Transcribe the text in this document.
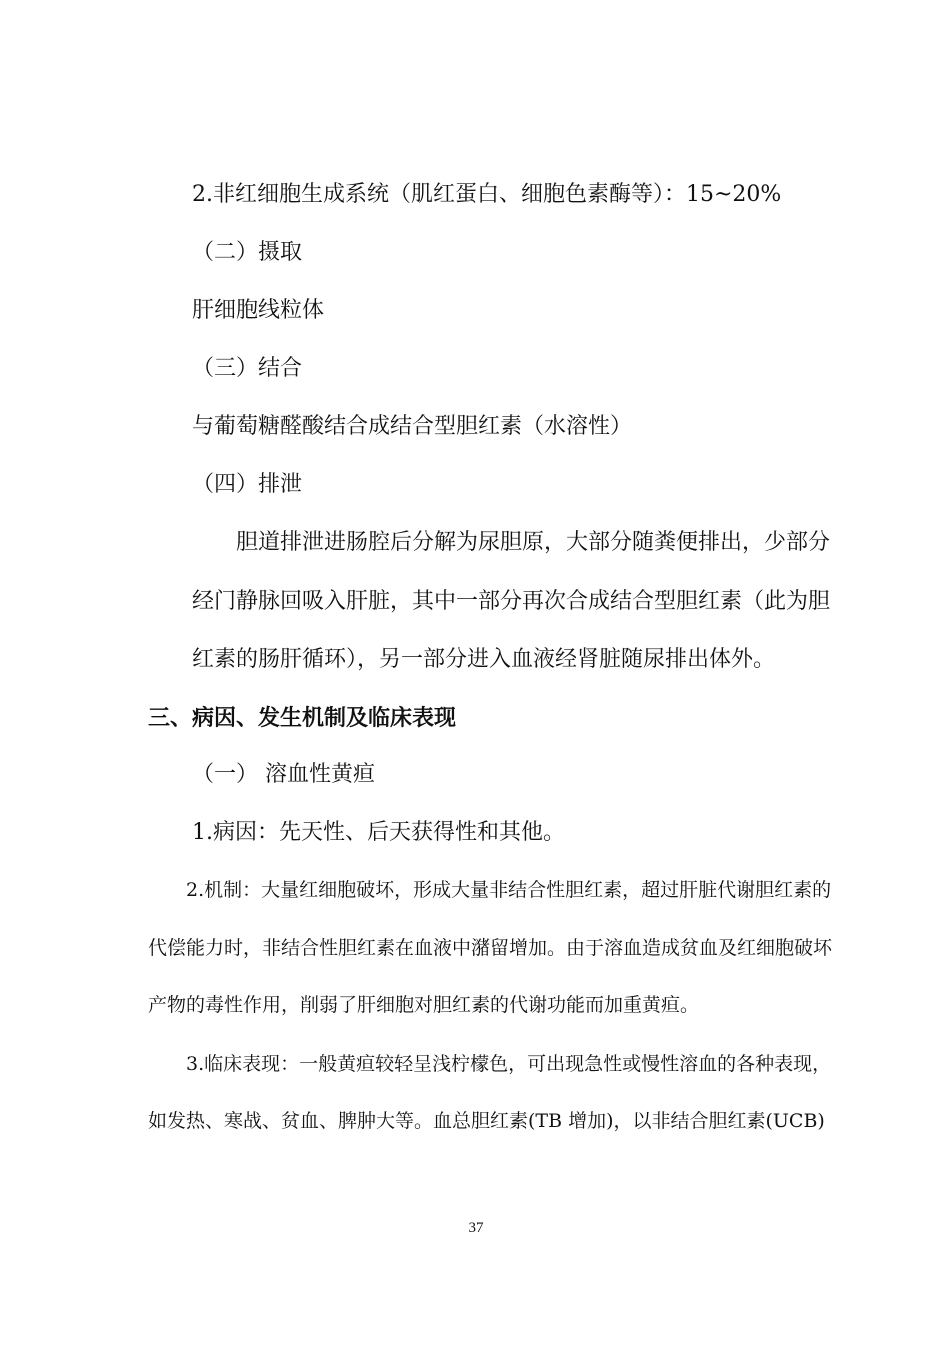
2.非红细胞生成系统（肌红蛋白、细胞色素酶等）：15~20%
（二）摄取
肝细胞线粒体
（三）结合
与葡萄糖醛酸结合成结合型胆红素（水溶性）
（四）排泄
胆道排泄进肠腔后分解为尿胆原，大部分随粪便排出，少部分
经门静脉回吸入肝脏，其中一部分再次合成结合型胆红素（此为胆
红素的肠肝循环），另一部分进入血液经肾脏随尿排出体外。
三、病因、发生机制及临床表现
（一） 溶血性黄疸
1.病因：先天性、后天获得性和其他。
2.机制：大量红细胞破坏，形成大量非结合性胆红素，超过肝脏代谢胆红素的
代偿能力时，非结合性胆红素在血液中潴留增加。由于溶血造成贫血及红细胞破坏
产物的毒性作用，削弱了肝细胞对胆红素的代谢功能而加重黄疸。
3.临床表现：一般黄疸较轻呈浅柠檬色，可出现急性或慢性溶血的各种表现，
如发热、寒战、贫血、脾肿大等。血总胆红素(TB 增加)，以非结合胆红素(UCB)
37
